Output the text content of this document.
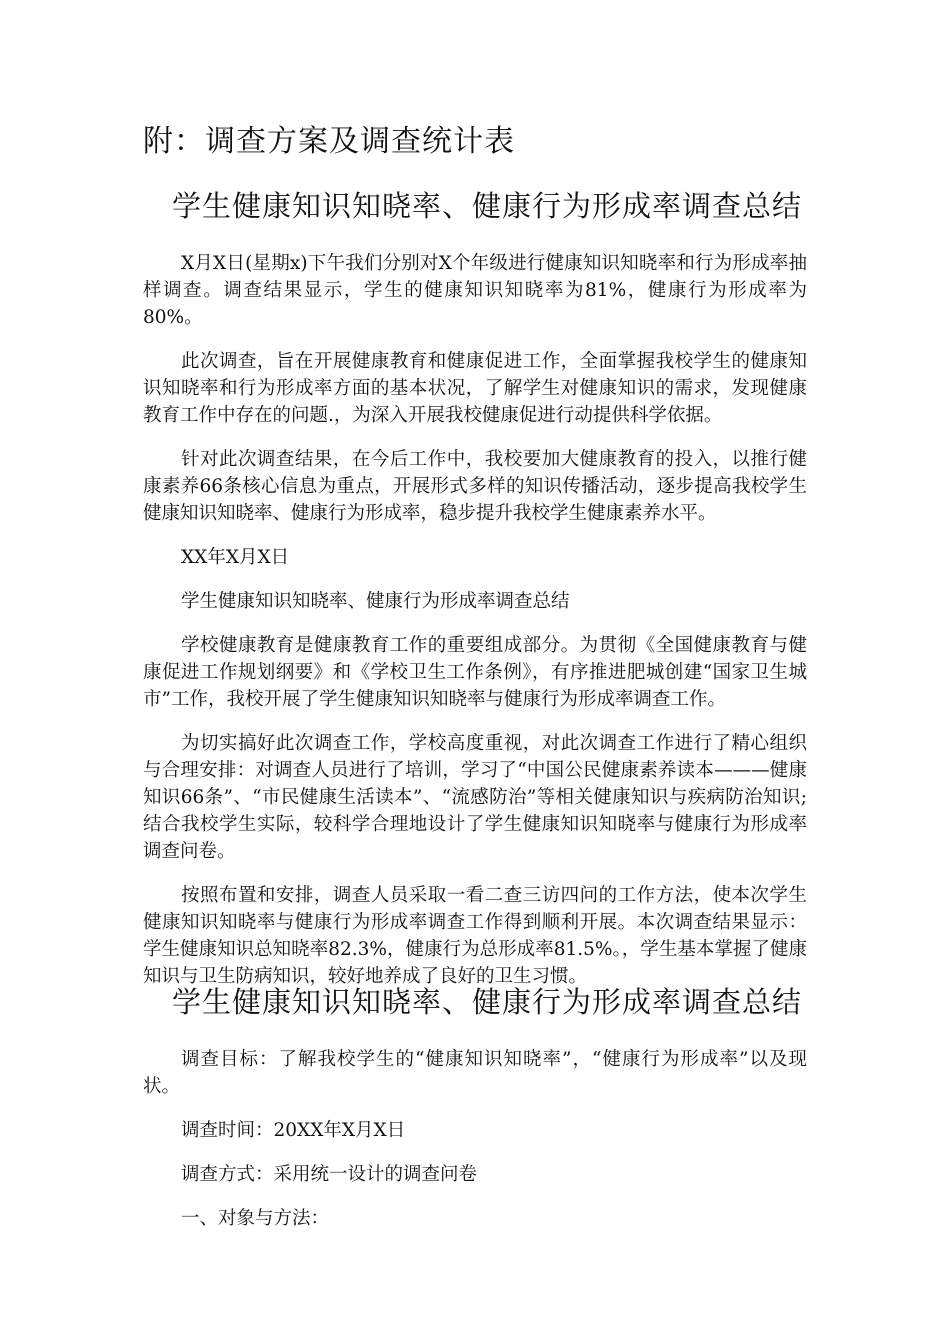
附：调查方案及调查统计表
学生健康知识知晓率、健康行为形成率调查总结

X月X日(星期x)下午我们分别对X个年级进行健康知识知晓率和行为形成率抽样调查。调查结果显示，学生的健康知识知晓率为81%，健康行为形成率为80%。

此次调查，旨在开展健康教育和健康促进工作，全面掌握我校学生的健康知识知晓率和行为形成率方面的基本状况，了解学生对健康知识的需求，发现健康教育工作中存在的问题.，为深入开展我校健康促进行动提供科学依据。

针对此次调查结果，在今后工作中，我校要加大健康教育的投入，以推行健康素养66条核心信息为重点，开展形式多样的知识传播活动，逐步提高我校学生健康知识知晓率、健康行为形成率，稳步提升我校学生健康素养水平。

XX年X月X日

学生健康知识知晓率、健康行为形成率调查总结

学校健康教育是健康教育工作的重要组成部分。为贯彻《全国健康教育与健康促进工作规划纲要》和《学校卫生工作条例》，有序推进肥城创建“国家卫生城市”工作，我校开展了学生健康知识知晓率与健康行为形成率调查工作。

为切实搞好此次调查工作，学校高度重视，对此次调查工作进行了精心组织与合理安排：对调查人员进行了培训，学习了“中国公民健康素养读本———健康知识66条”、“市民健康生活读本”、“流感防治”等相关健康知识与疾病防治知识;结合我校学生实际，较科学合理地设计了学生健康知识知晓率与健康行为形成率调查问卷。

按照布置和安排，调查人员采取一看二查三访四问的工作方法，使本次学生健康知识知晓率与健康行为形成率调查工作得到顺利开展。本次调查结果显示：学生健康知识总知晓率82.3%，健康行为总形成率81.5%。，学生基本掌握了健康知识与卫生防病知识，较好地养成了良好的卫生习惯。

学生健康知识知晓率、健康行为形成率调查总结

调查目标：了解我校学生的“健康知识知晓率”，“健康行为形成率”以及现状。

调查时间：20XX年X月X日

调查方式：采用统一设计的调查问卷

一、对象与方法：
